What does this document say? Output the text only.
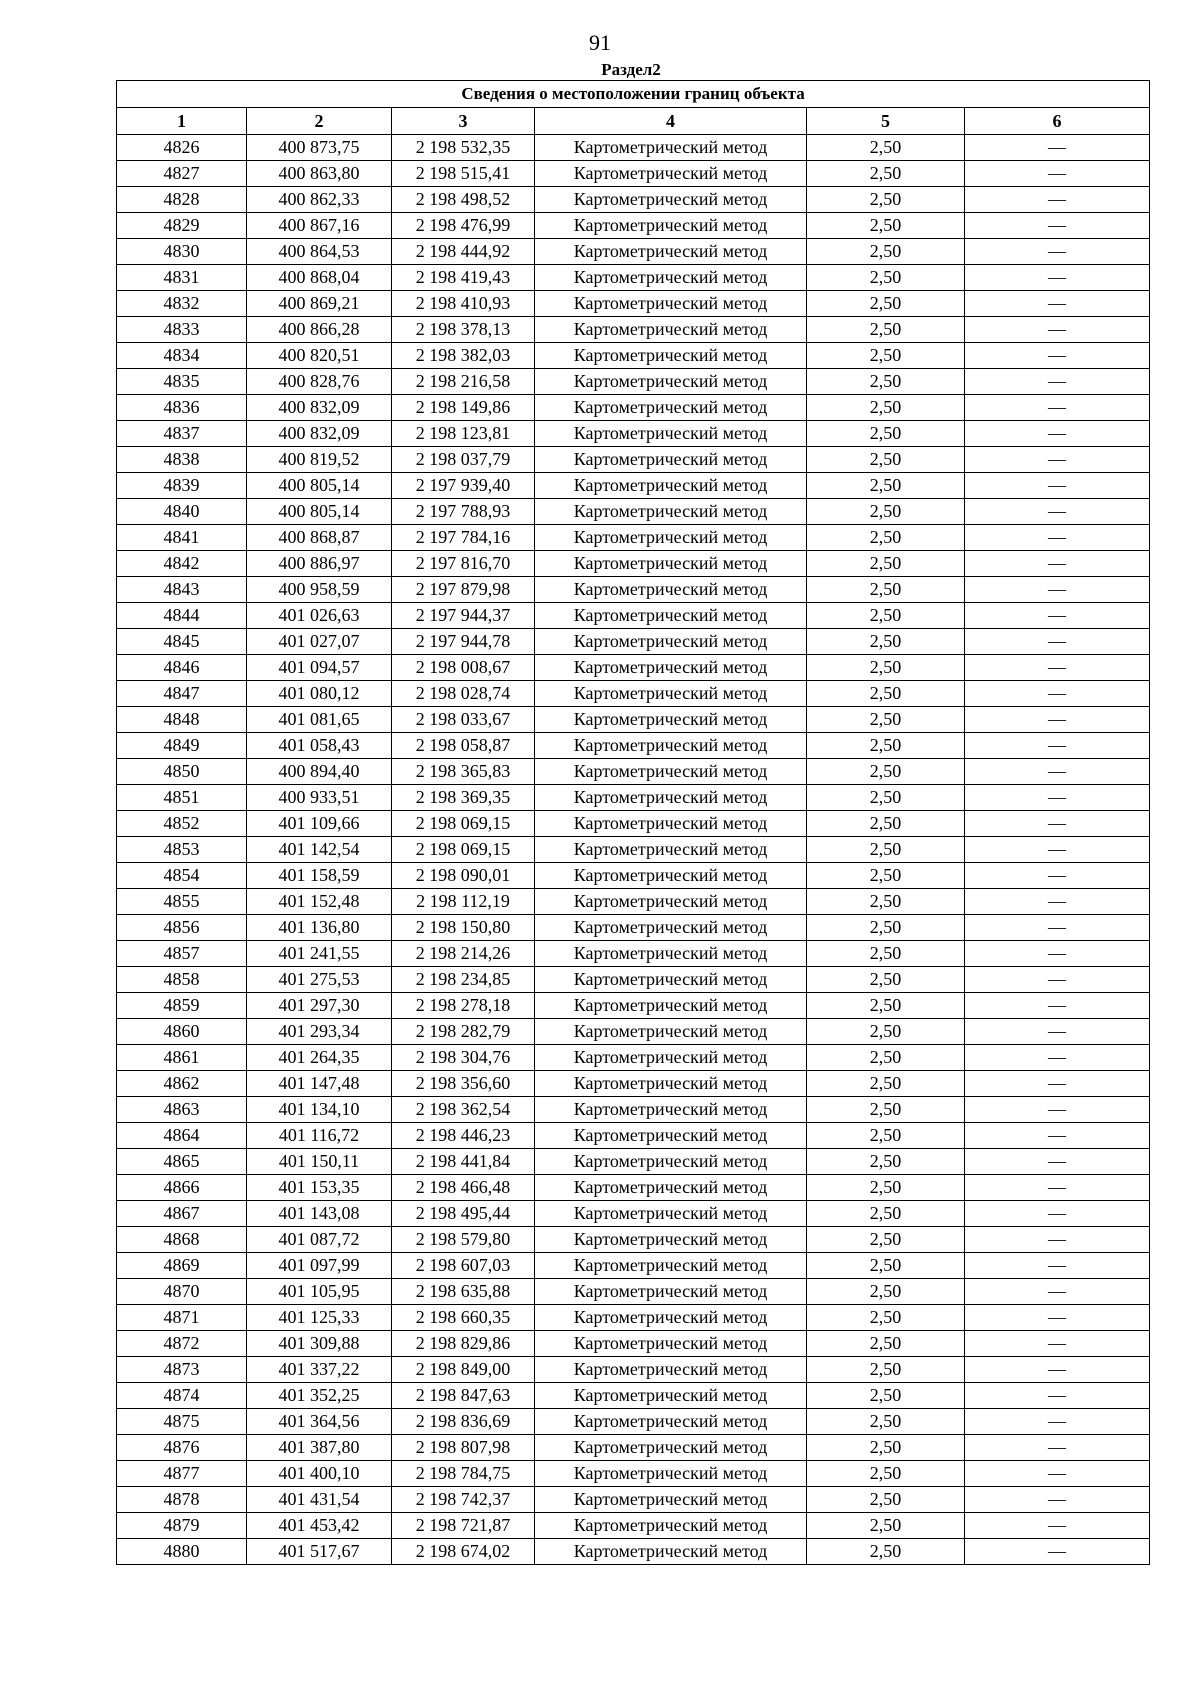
91
Раздел2
Сведения о местоположении границ объекта					
1	2	3	4	5	6
4826	400 873,75	2 198 532,35	Картометрический метод	2,50	—
4827	400 863,80	2 198 515,41	Картометрический метод	2,50	—
4828	400 862,33	2 198 498,52	Картометрический метод	2,50	—
4829	400 867,16	2 198 476,99	Картометрический метод	2,50	—
4830	400 864,53	2 198 444,92	Картометрический метод	2,50	—
4831	400 868,04	2 198 419,43	Картометрический метод	2,50	—
4832	400 869,21	2 198 410,93	Картометрический метод	2,50	—
4833	400 866,28	2 198 378,13	Картометрический метод	2,50	—
4834	400 820,51	2 198 382,03	Картометрический метод	2,50	—
4835	400 828,76	2 198 216,58	Картометрический метод	2,50	—
4836	400 832,09	2 198 149,86	Картометрический метод	2,50	—
4837	400 832,09	2 198 123,81	Картометрический метод	2,50	—
4838	400 819,52	2 198 037,79	Картометрический метод	2,50	—
4839	400 805,14	2 197 939,40	Картометрический метод	2,50	—
4840	400 805,14	2 197 788,93	Картометрический метод	2,50	—
4841	400 868,87	2 197 784,16	Картометрический метод	2,50	—
4842	400 886,97	2 197 816,70	Картометрический метод	2,50	—
4843	400 958,59	2 197 879,98	Картометрический метод	2,50	—
4844	401 026,63	2 197 944,37	Картометрический метод	2,50	—
4845	401 027,07	2 197 944,78	Картометрический метод	2,50	—
4846	401 094,57	2 198 008,67	Картометрический метод	2,50	—
4847	401 080,12	2 198 028,74	Картометрический метод	2,50	—
4848	401 081,65	2 198 033,67	Картометрический метод	2,50	—
4849	401 058,43	2 198 058,87	Картометрический метод	2,50	—
4850	400 894,40	2 198 365,83	Картометрический метод	2,50	—
4851	400 933,51	2 198 369,35	Картометрический метод	2,50	—
4852	401 109,66	2 198 069,15	Картометрический метод	2,50	—
4853	401 142,54	2 198 069,15	Картометрический метод	2,50	—
4854	401 158,59	2 198 090,01	Картометрический метод	2,50	—
4855	401 152,48	2 198 112,19	Картометрический метод	2,50	—
4856	401 136,80	2 198 150,80	Картометрический метод	2,50	—
4857	401 241,55	2 198 214,26	Картометрический метод	2,50	—
4858	401 275,53	2 198 234,85	Картометрический метод	2,50	—
4859	401 297,30	2 198 278,18	Картометрический метод	2,50	—
4860	401 293,34	2 198 282,79	Картометрический метод	2,50	—
4861	401 264,35	2 198 304,76	Картометрический метод	2,50	—
4862	401 147,48	2 198 356,60	Картометрический метод	2,50	—
4863	401 134,10	2 198 362,54	Картометрический метод	2,50	—
4864	401 116,72	2 198 446,23	Картометрический метод	2,50	—
4865	401 150,11	2 198 441,84	Картометрический метод	2,50	—
4866	401 153,35	2 198 466,48	Картометрический метод	2,50	—
4867	401 143,08	2 198 495,44	Картометрический метод	2,50	—
4868	401 087,72	2 198 579,80	Картометрический метод	2,50	—
4869	401 097,99	2 198 607,03	Картометрический метод	2,50	—
4870	401 105,95	2 198 635,88	Картометрический метод	2,50	—
4871	401 125,33	2 198 660,35	Картометрический метод	2,50	—
4872	401 309,88	2 198 829,86	Картометрический метод	2,50	—
4873	401 337,22	2 198 849,00	Картометрический метод	2,50	—
4874	401 352,25	2 198 847,63	Картометрический метод	2,50	—
4875	401 364,56	2 198 836,69	Картометрический метод	2,50	—
4876	401 387,80	2 198 807,98	Картометрический метод	2,50	—
4877	401 400,10	2 198 784,75	Картометрический метод	2,50	—
4878	401 431,54	2 198 742,37	Картометрический метод	2,50	—
4879	401 453,42	2 198 721,87	Картометрический метод	2,50	—
4880	401 517,67	2 198 674,02	Картометрический метод	2,50	—
